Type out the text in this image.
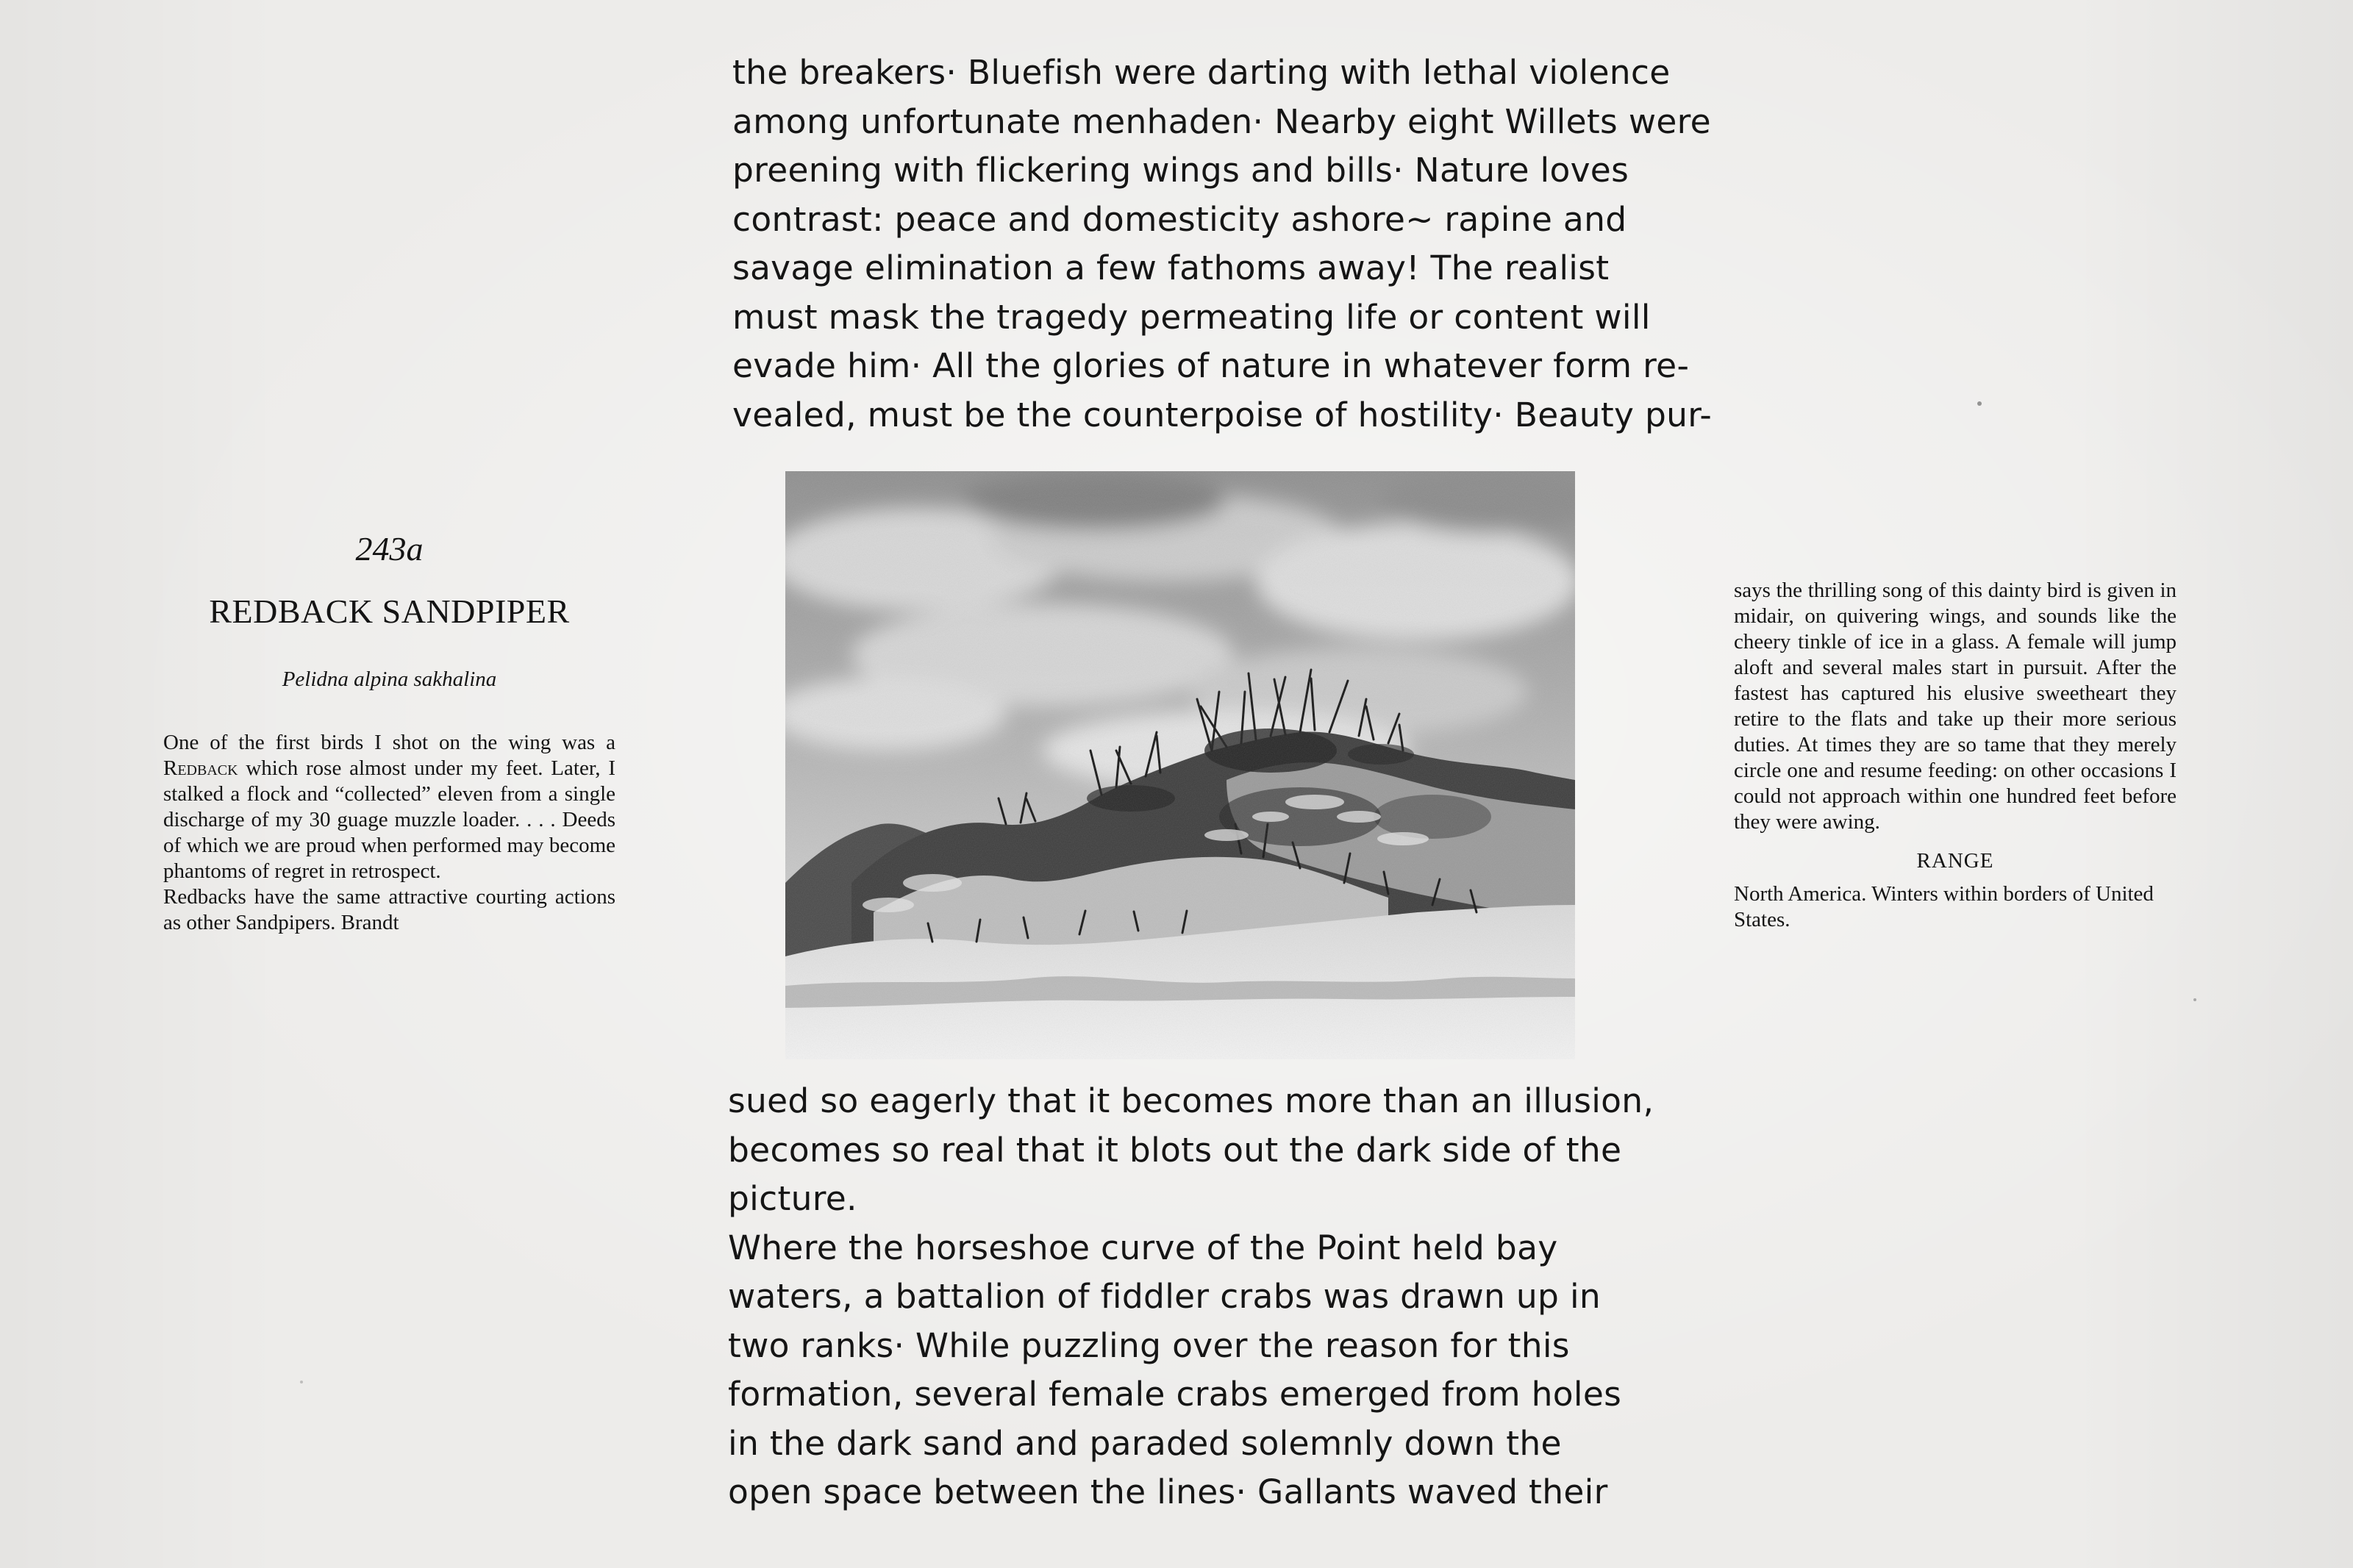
243a
REDBACK SANDPIPER
Pelidna alpina sakhalina

One of the first birds I shot on the wing was a Redback which rose almost under my feet. Later, I stalked a flock and “collected” eleven from a single discharge of my 30 guage muzzle loader. . . . Deeds of which we are proud when performed may become phantoms of regret in retrospect.

Redbacks have the same attractive courting actions as other Sandpipers. Brandt

the breakers· Bluefish were darting with lethal violence
among unfortunate menhaden· Nearby eight Willets were
preening with flickering wings and bills· Nature loves
contrast: peace and domesticity ashore~ rapine and
savage elimination a few fathoms away! The realist
must mask the tragedy permeating life or content will
evade him· All the glories of nature in whatever form re-
vealed, must be the counterpoise of hostility· Beauty pur-
sued so eagerly that it becomes more than an illusion,
becomes so real that it blots out the dark side of the
picture.
Where the horseshoe curve of the Point held bay
waters, a battalion of fiddler crabs was drawn up in
two ranks· While puzzling over the reason for this
formation, several female crabs emerged from holes
in the dark sand and paraded solemnly down the
open space between the lines· Gallants waved their

says the thrilling song of this dainty bird is given in midair, on quivering wings, and sounds like the cheery tinkle of ice in a glass. A female will jump aloft and several males start in pursuit. After the fastest has captured his elusive sweetheart they retire to the flats and take up their more serious duties. At times they are so tame that they merely circle one and resume feeding: on other occasions I could not approach within one hundred feet before they were awing.

RANGE

North America. Winters within borders of United States.
